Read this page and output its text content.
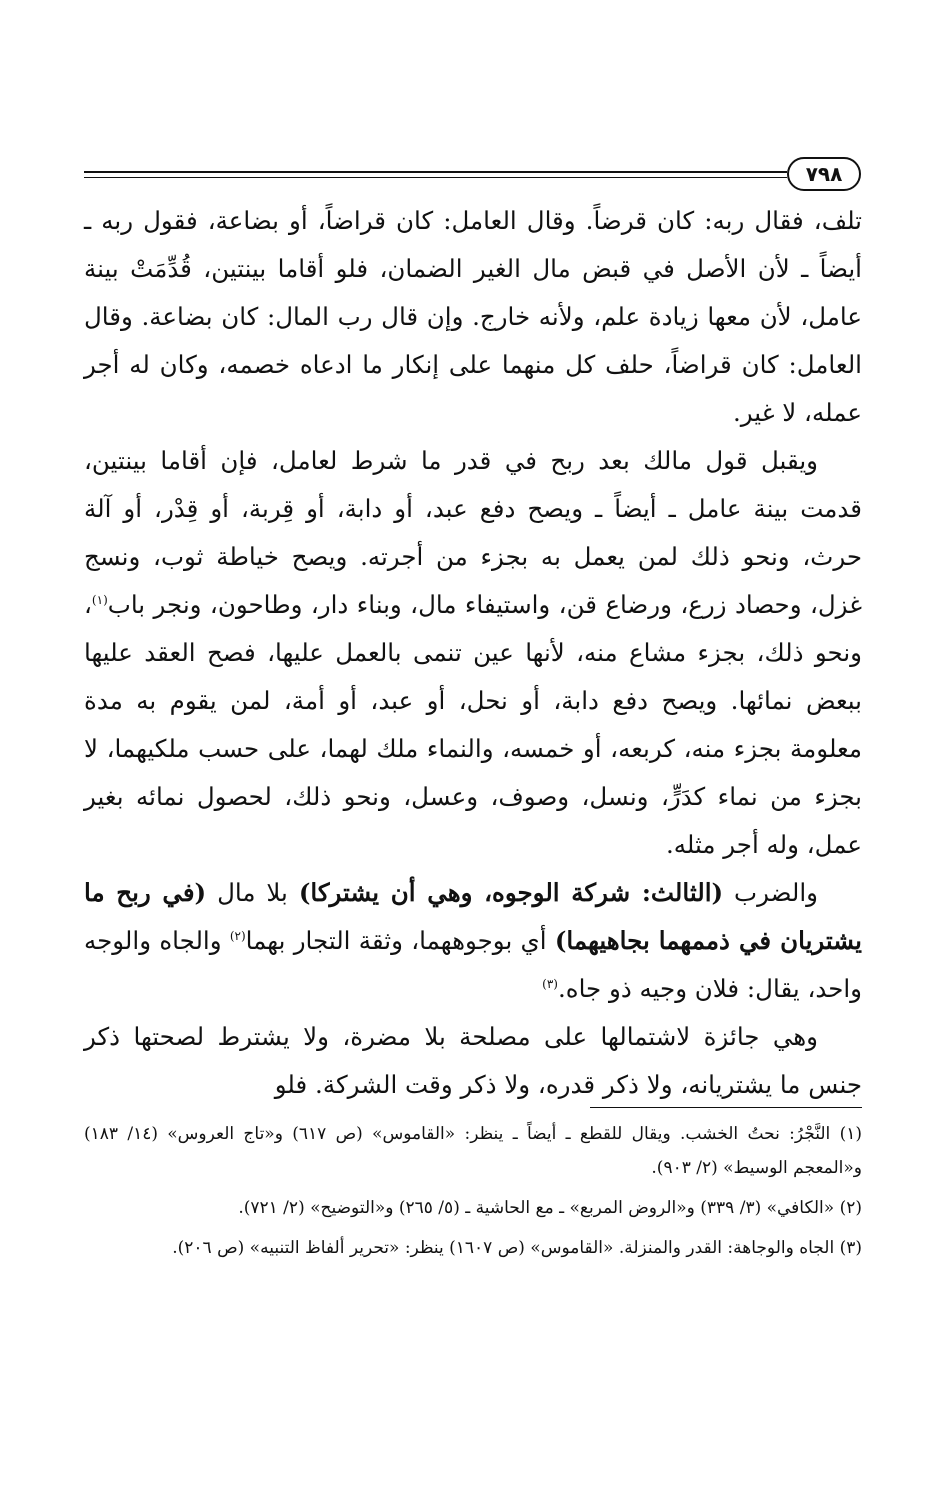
٧٩٨

تلف، فقال ربه: كان قرضاً. وقال العامل: كان قراضاً، أو بضاعة، فقول ربه ـ أيضاً ـ لأن الأصل في قبض مال الغير الضمان، فلو أقاما بينتين، قُدِّمَتْ بينة عامل، لأن معها زيادة علم، ولأنه خارج. وإن قال رب المال: كان بضاعة. وقال العامل: كان قراضاً، حلف كل منهما على إنكار ما ادعاه خصمه، وكان له أجر عمله، لا غير.

ويقبل قول مالك بعد ربح في قدر ما شرط لعامل، فإن أقاما بينتين، قدمت بينة عامل ـ أيضاً ـ ويصح دفع عبد، أو دابة، أو قِربة، أو قِدْر، أو آلة حرث، ونحو ذلك لمن يعمل به بجزء من أجرته. ويصح خياطة ثوب، ونسج غزل، وحصاد زرع، ورضاع قن، واستيفاء مال، وبناء دار، وطاحون، ونجر باب$^{(١)}$، ونحو ذلك، بجزء مشاع منه، لأنها عين تنمى بالعمل عليها، فصح العقد عليها ببعض نمائها. ويصح دفع دابة، أو نحل، أو عبد، أو أمة، لمن يقوم به مدة معلومة بجزء منه، كربعه، أو خمسه، والنماء ملك لهما، على حسب ملكيهما، لا بجزء من نماء كدَرٍّ، ونسل، وصوف، وعسل، ونحو ذلك، لحصول نمائه بغير عمل، وله أجر مثله.

والضرب (الثالث: شركة الوجوه، وهي أن يشتركا) بلا مال (في ربح ما يشتريان في ذممهما بجاهيهما) أي بوجوههما، وثقة التجار بهما$^{(٢)}$ والجاه والوجه واحد، يقال: فلان وجيه ذو جاه.$^{(٣)}$

وهي جائزة لاشتمالها على مصلحة بلا مضرة، ولا يشترط لصحتها ذكر جنس ما يشتريانه، ولا ذكر قدره، ولا ذكر وقت الشركة. فلو

(١) النَّجْرُ: نحتُ الخشب. ويقال للقطع ـ أيضاً ـ ينظر: «القاموس» (ص ٦١٧) و«تاج العروس» (١٤/ ١٨٣) و«المعجم الوسيط» (٢/ ٩٠٣).

(٢) «الكافي» (٣/ ٣٣٩) و«الروض المربع» ـ مع الحاشية ـ (٥/ ٢٦٥) و«التوضيح» (٢/ ٧٢١).

(٣) الجاه والوجاهة: القدر والمنزلة. «القاموس» (ص ١٦٠٧) ينظر: «تحرير ألفاظ التنبيه» (ص ٢٠٦).
